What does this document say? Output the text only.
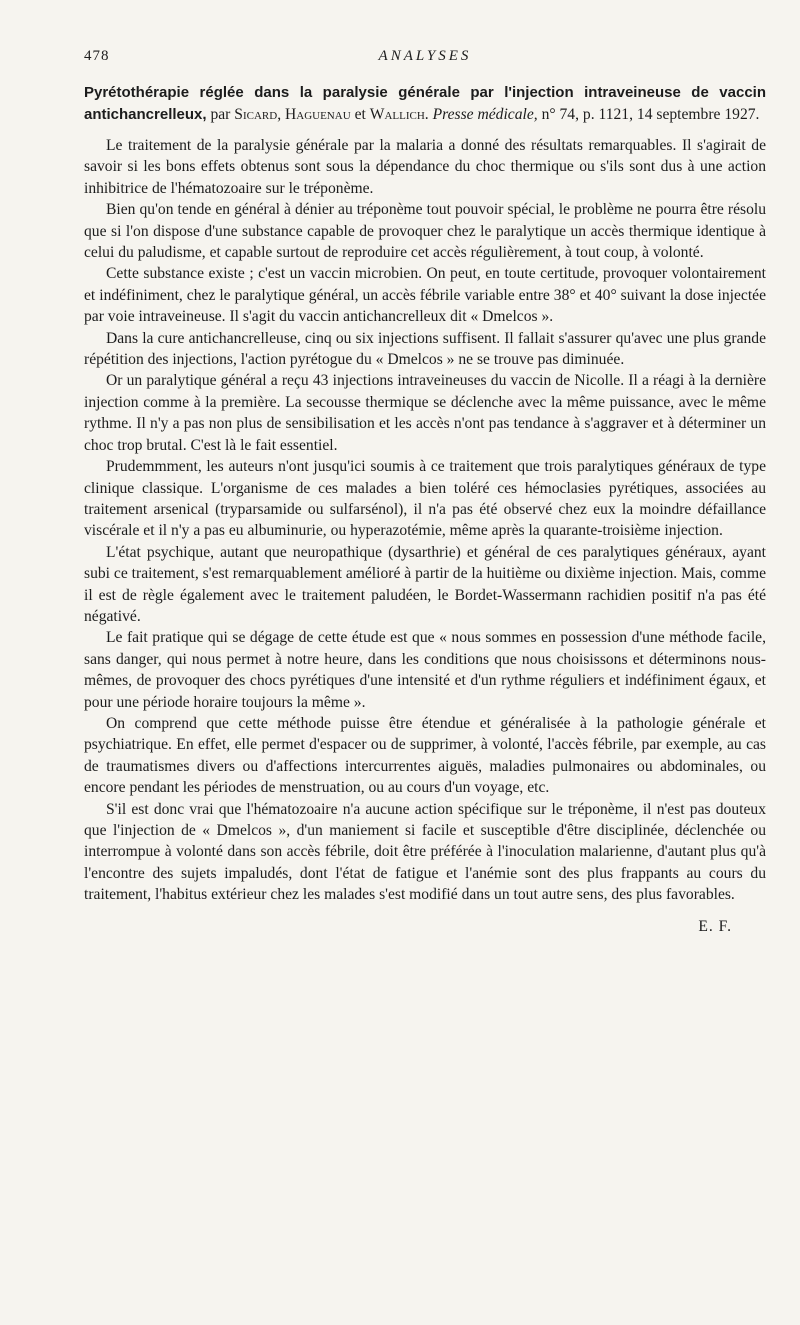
478	ANALYSES
Pyrétothérapie réglée dans la paralysie générale par l'injection intraveineuse de vaccin antichancrelleux, par Sicard, Haguenau et Wallich. Presse médicale, n° 74, p. 1121, 14 septembre 1927.

Le traitement de la paralysie générale par la malaria a donné des résultats remarquables. Il s'agirait de savoir si les bons effets obtenus sont sous la dépendance du choc thermique ou s'ils sont dus à une action inhibitrice de l'hématozoaire sur le tréponème.

Bien qu'on tende en général à dénier au tréponème tout pouvoir spécial, le problème ne pourra être résolu que si l'on dispose d'une substance capable de provoquer chez le paralytique un accès thermique identique à celui du paludisme, et capable surtout de reproduire cet accès régulièrement, à tout coup, à volonté.

Cette substance existe ; c'est un vaccin microbien. On peut, en toute certitude, provoquer volontairement et indéfiniment, chez le paralytique général, un accès fébrile variable entre 38° et 40° suivant la dose injectée par voie intraveineuse. Il s'agit du vaccin antichancrelleux dit « Dmelcos ».

Dans la cure antichancrelleuse, cinq ou six injections suffisent. Il fallait s'assurer qu'avec une plus grande répétition des injections, l'action pyrétogue du « Dmelcos » ne se trouve pas diminuée.

Or un paralytique général a reçu 43 injections intraveineuses du vaccin de Nicolle. Il a réagi à la dernière injection comme à la première. La secousse thermique se déclenche avec la même puissance, avec le même rythme. Il n'y a pas non plus de sensibilisation et les accès n'ont pas tendance à s'aggraver et à déterminer un choc trop brutal. C'est là le fait essentiel.

Prudemmment, les auteurs n'ont jusqu'ici soumis à ce traitement que trois paralytiques généraux de type clinique classique. L'organisme de ces malades a bien toléré ces hémoclasies pyrétiques, associées au traitement arsenical (tryparsamide ou sulfarsénol), il n'a pas été observé chez eux la moindre défaillance viscérale et il n'y a pas eu albuminurie, ou hyperazotémie, même après la quarante-troisième injection.

L'état psychique, autant que neuropathique (dysarthrie) et général de ces paralytiques généraux, ayant subi ce traitement, s'est remarquablement amélioré à partir de la huitième ou dixième injection. Mais, comme il est de règle également avec le traitement paludéen, le Bordet-Wassermann rachidien positif n'a pas été négativé.

Le fait pratique qui se dégage de cette étude est que « nous sommes en possession d'une méthode facile, sans danger, qui nous permet à notre heure, dans les conditions que nous choisissons et déterminons nous-mêmes, de provoquer des chocs pyrétiques d'une intensité et d'un rythme réguliers et indéfiniment égaux, et pour une période horaire toujours la même ».

On comprend que cette méthode puisse être étendue et généralisée à la pathologie générale et psychiatrique. En effet, elle permet d'espacer ou de supprimer, à volonté, l'accès fébrile, par exemple, au cas de traumatismes divers ou d'affections intercurrentes aiguës, maladies pulmonaires ou abdominales, ou encore pendant les périodes de menstruation, ou au cours d'un voyage, etc.

S'il est donc vrai que l'hématozoaire n'a aucune action spécifique sur le tréponème, il n'est pas douteux que l'injection de « Dmelcos », d'un maniement si facile et susceptible d'être disciplinée, déclenchée ou interrompue à volonté dans son accès fébrile, doit être préférée à l'inoculation malarienne, d'autant plus qu'à l'encontre des sujets impaludés, dont l'état de fatigue et l'anémie sont des plus frappants au cours du traitement, l'habitus extérieur chez les malades s'est modifié dans un tout autre sens, des plus favorables.

E. F.
